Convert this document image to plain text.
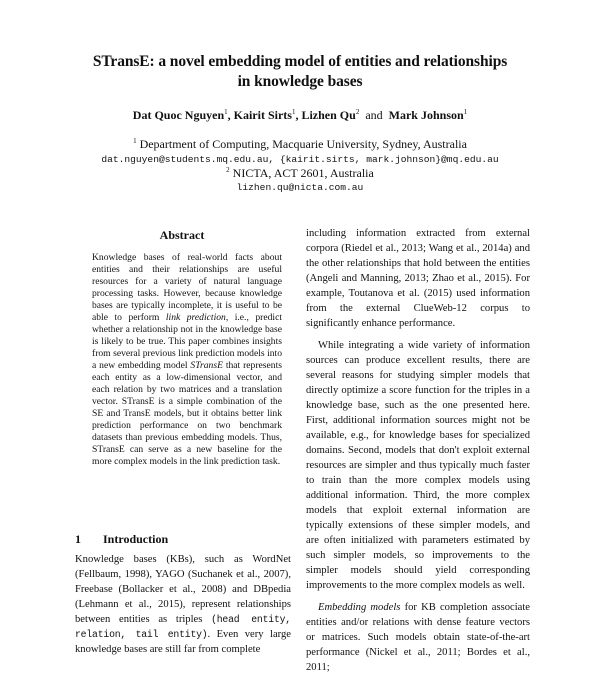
STransE: a novel embedding model of entities and relationships
in knowledge bases
Dat Quoc Nguyen$^1$, Kairit Sirts$^1$, Lizhen Qu$^2$ and Mark Johnson$^1$
$^1$ Department of Computing, Macquarie University, Sydney, Australia
dat.nguyen@students.mq.edu.au, {kairit.sirts, mark.johnson}@mq.edu.au
$^2$ NICTA, ACT 2601, Australia
lizhen.qu@nicta.com.au
Abstract
Knowledge bases of real-world facts about entities and their relationships are useful resources for a variety of natural language processing tasks. However, because knowledge bases are typically incomplete, it is useful to be able to perform link prediction, i.e., predict whether a relationship not in the knowledge base is likely to be true. This paper combines insights from several previous link prediction models into a new embedding model STransE that represents each entity as a low-dimensional vector, and each relation by two matrices and a translation vector. STransE is a simple combination of the SE and TransE models, but it obtains better link prediction performance on two benchmark datasets than previous embedding models. Thus, STransE can serve as a new baseline for the more complex models in the link prediction task.
1 Introduction
Knowledge bases (KBs), such as WordNet (Fellbaum, 1998), YAGO (Suchanek et al., 2007), Freebase (Bollacker et al., 2008) and DBpedia (Lehmann et al., 2015), represent relationships between entities as triples (head entity, relation, tail entity). Even very large knowledge bases are still far from complete

including information extracted from external corpora (Riedel et al., 2013; Wang et al., 2014a) and the other relationships that hold between the entities (Angeli and Manning, 2013; Zhao et al., 2015). For example, Toutanova et al. (2015) used information from the external ClueWeb-12 corpus to significantly enhance performance.

While integrating a wide variety of information sources can produce excellent results, there are several reasons for studying simpler models that directly optimize a score function for the triples in a knowledge base, such as the one presented here. First, additional information sources might not be available, e.g., for knowledge bases for specialized domains. Second, models that don't exploit external resources are simpler and thus typically much faster to train than the more complex models using additional information. Third, the more complex models that exploit external information are typically extensions of these simpler models, and are often initialized with parameters estimated by such simpler models, so improvements to the simpler models should yield corresponding improvements to the more complex models as well.

Embedding models for KB completion associate entities and/or relations with dense feature vectors or matrices. Such models obtain state-of-the-art performance (Nickel et al., 2011; Bordes et al., 2011;
